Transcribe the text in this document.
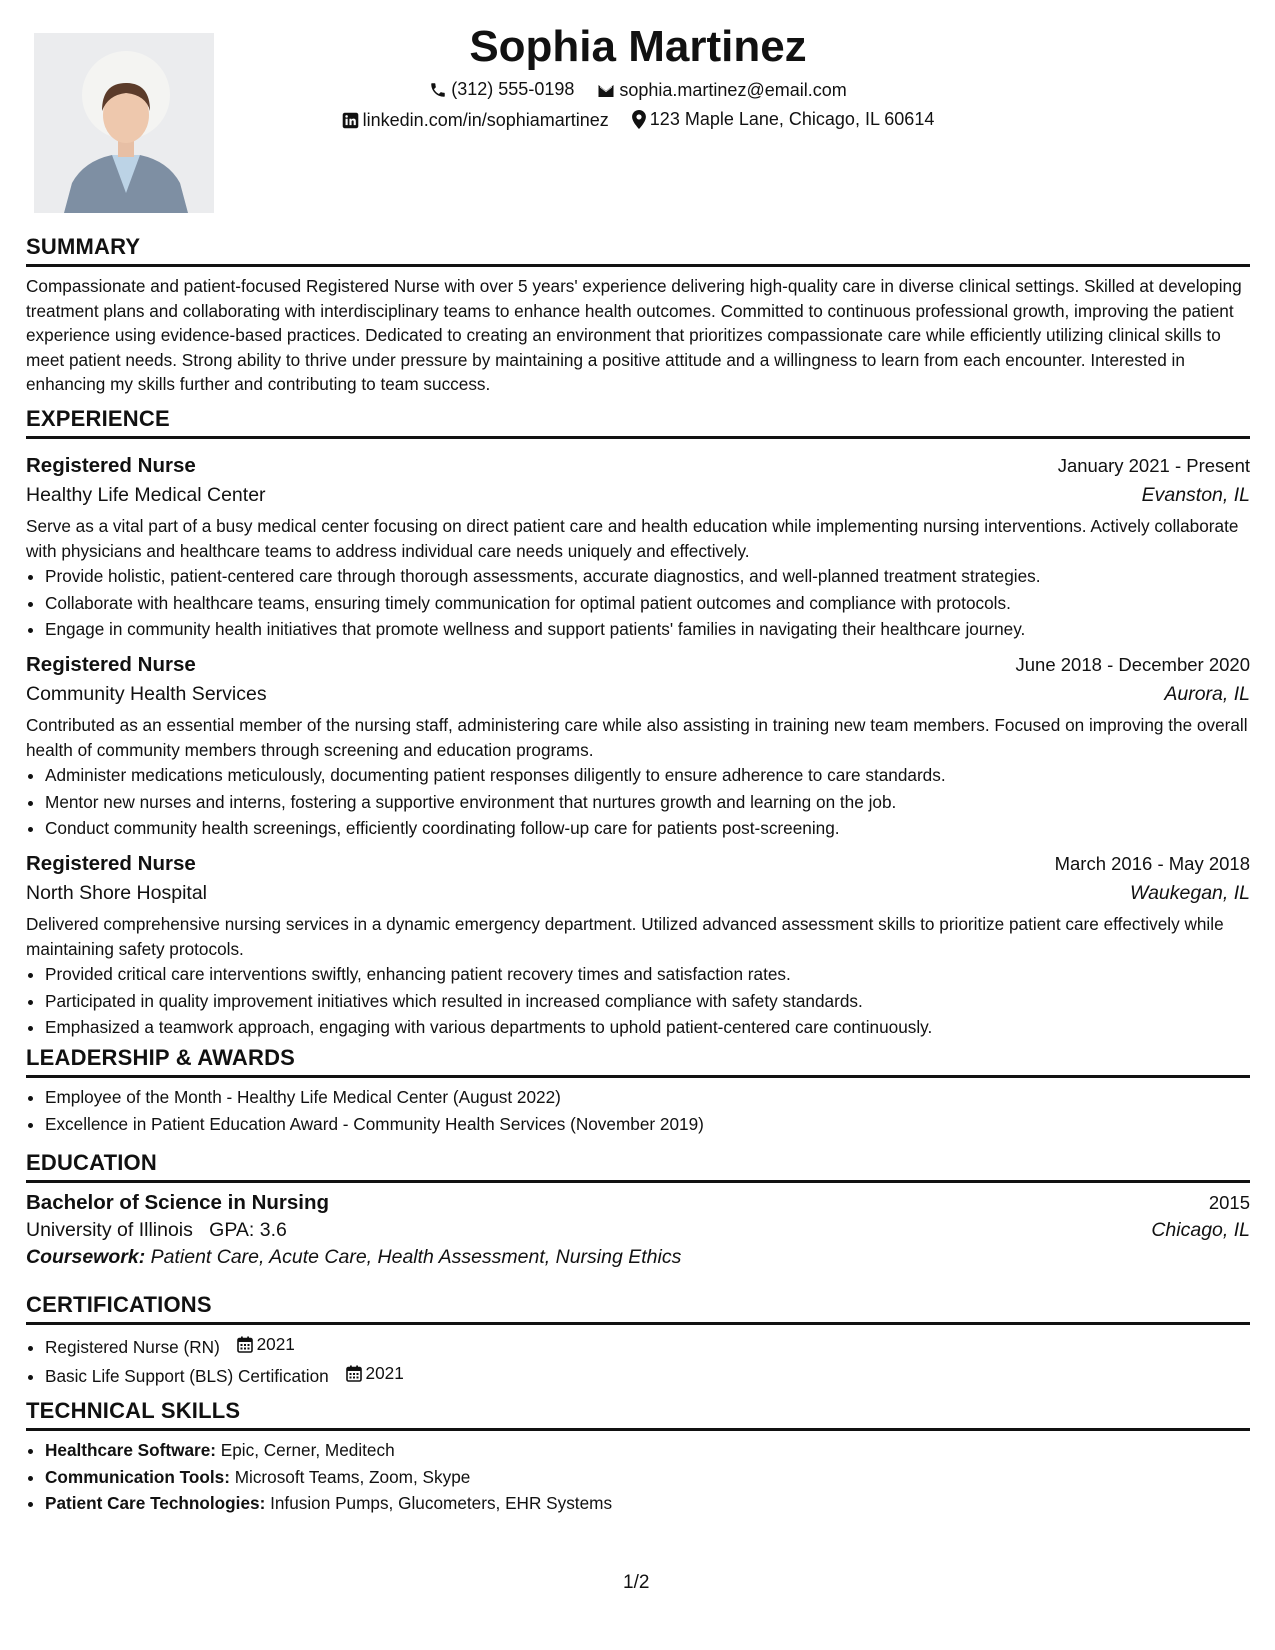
Sophia Martinez
(312) 555-0198
	sophia.martinez@email.com
linkedin.com/in/sophiamartinez
123 Maple Lane, Chicago, IL 60614
SUMMARY
Compassionate and patient-focused Registered Nurse with over 5 years' experience delivering high-quality care in diverse clinical settings. Skilled at developing treatment plans and collaborating with interdisciplinary teams to enhance health outcomes. Committed to continuous professional growth, improving the patient experience using evidence-based practices. Dedicated to creating an environment that prioritizes compassionate care while efficiently utilizing clinical skills to meet patient needs. Strong ability to thrive under pressure by maintaining a positive attitude and a willingness to learn from each encounter. Interested in enhancing my skills further and contributing to team success.
EXPERIENCE
Registered Nurse	January 2021 - Present
Healthy Life Medical Center	Evanston, IL
Serve as a vital part of a busy medical center focusing on direct patient care and health education while implementing nursing interventions. Actively collaborate with physicians and healthcare teams to address individual care needs uniquely and effectively.
• Provide holistic, patient-centered care through thorough assessments, accurate diagnostics, and well-planned treatment strategies.
• Collaborate with healthcare teams, ensuring timely communication for optimal patient outcomes and compliance with protocols.
• Engage in community health initiatives that promote wellness and support patients' families in navigating their healthcare journey.
Registered Nurse	June 2018 - December 2020
Community Health Services	Aurora, IL
Contributed as an essential member of the nursing staff, administering care while also assisting in training new team members. Focused on improving the overall health of community members through screening and education programs.
• Administer medications meticulously, documenting patient responses diligently to ensure adherence to care standards.
• Mentor new nurses and interns, fostering a supportive environment that nurtures growth and learning on the job.
• Conduct community health screenings, efficiently coordinating follow-up care for patients post-screening.
Registered Nurse	March 2016 - May 2018
North Shore Hospital	Waukegan, IL
Delivered comprehensive nursing services in a dynamic emergency department. Utilized advanced assessment skills to prioritize patient care effectively while maintaining safety protocols.
• Provided critical care interventions swiftly, enhancing patient recovery times and satisfaction rates.
• Participated in quality improvement initiatives which resulted in increased compliance with safety standards.
• Emphasized a teamwork approach, engaging with various departments to uphold patient-centered care continuously.
LEADERSHIP & AWARDS
• Employee of the Month - Healthy Life Medical Center (August 2022)
• Excellence in Patient Education Award - Community Health Services (November 2019)
EDUCATION
Bachelor of Science in Nursing	2015
University of Illinois GPA: 3.6	Chicago, IL
Coursework: Patient Care, Acute Care, Health Assessment, Nursing Ethics
CERTIFICATIONS
• Registered Nurse (RN) 2021
• Basic Life Support (BLS) Certification 2021
TECHNICAL SKILLS
• Healthcare Software: Epic, Cerner, Meditech
• Communication Tools: Microsoft Teams, Zoom, Skype
• Patient Care Technologies: Infusion Pumps, Glucometers, EHR Systems
1/2
